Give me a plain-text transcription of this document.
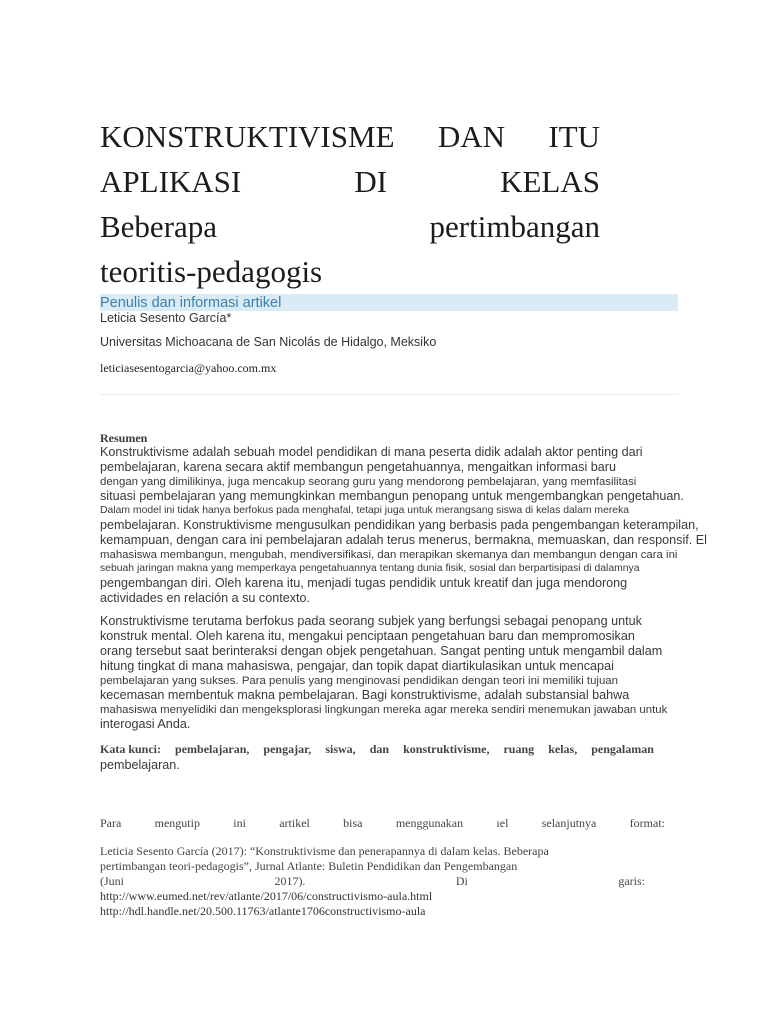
KONSTRUKTIVISME DAN ITU
APLIKASI	DI	KELAS
Beberapa	pertimbangan
teoritis-pedagogis
Penulis dan informasi artikel
Leticia Sesento García*
Universitas Michoacana de San Nicolás de Hidalgo, Meksiko
leticiasesentogarcia@yahoo.com.mx
Resumen
Konstruktivisme adalah sebuah model pendidikan di mana peserta didik adalah aktor penting dari
pembelajaran, karena secara aktif membangun pengetahuannya, mengaitkan informasi baru
dengan yang dimilikinya, juga mencakup seorang guru yang mendorong pembelajaran, yang memfasilitasi
situasi pembelajaran yang memungkinkan membangun penopang untuk mengembangkan pengetahuan.
Dalam model ini tidak hanya berfokus pada menghafal, tetapi juga untuk merangsang siswa di kelas dalam mereka
pembelajaran. Konstruktivisme mengusulkan pendidikan yang berbasis pada pengembangan keterampilan,
kemampuan, dengan cara ini pembelajaran adalah terus menerus, bermakna, memuaskan, dan responsif. El
mahasiswa membangun, mengubah, mendiversifikasi, dan merapikan skemanya dan membangun dengan cara ini
sebuah jaringan makna yang memperkaya pengetahuannya tentang dunia fisik, sosial dan berpartisipasi di dalamnya
pengembangan diri. Oleh karena itu, menjadi tugas pendidik untuk kreatif dan juga mendorong
actividades en relación a su contexto.
Konstruktivisme terutama berfokus pada seorang subjek yang berfungsi sebagai penopang untuk
konstruk mental. Oleh karena itu, mengakui penciptaan pengetahuan baru dan mempromosikan
orang tersebut saat berinteraksi dengan objek pengetahuan. Sangat penting untuk mengambil dalam
hitung tingkat di mana mahasiswa, pengajar, dan topik dapat diartikulasikan untuk mencapai
pembelajaran yang sukses. Para penulis yang menginovasi pendidikan dengan teori ini memiliki tujuan
kecemasan membentuk makna pembelajaran. Bagi konstruktivisme, adalah substansial bahwa
mahasiswa menyelidiki dan mengeksplorasi lingkungan mereka agar mereka sendiri menemukan jawaban untuk
interogasi Anda.
Kata kunci: pembelajaran, pengajar, siswa, dan konstruktivisme, ruang kelas, pengalaman
pembelajaran.
Para	mengutip	ini	artikel	bisa	menggunakan	ıel	selanjutnya	format:
Leticia Sesento García (2017): “Konstruktivisme dan penerapannya di dalam kelas. Beberapa
pertimbangan teori-pedagogis”, Jurnal Atlante: Buletin Pendidikan dan Pengembangan
(Juni	2017).	Di	garis:
http://www.eumed.net/rev/atlante/2017/06/constructivismo-aula.html
http://hdl.handle.net/20.500.11763/atlante1706constructivismo-aula
